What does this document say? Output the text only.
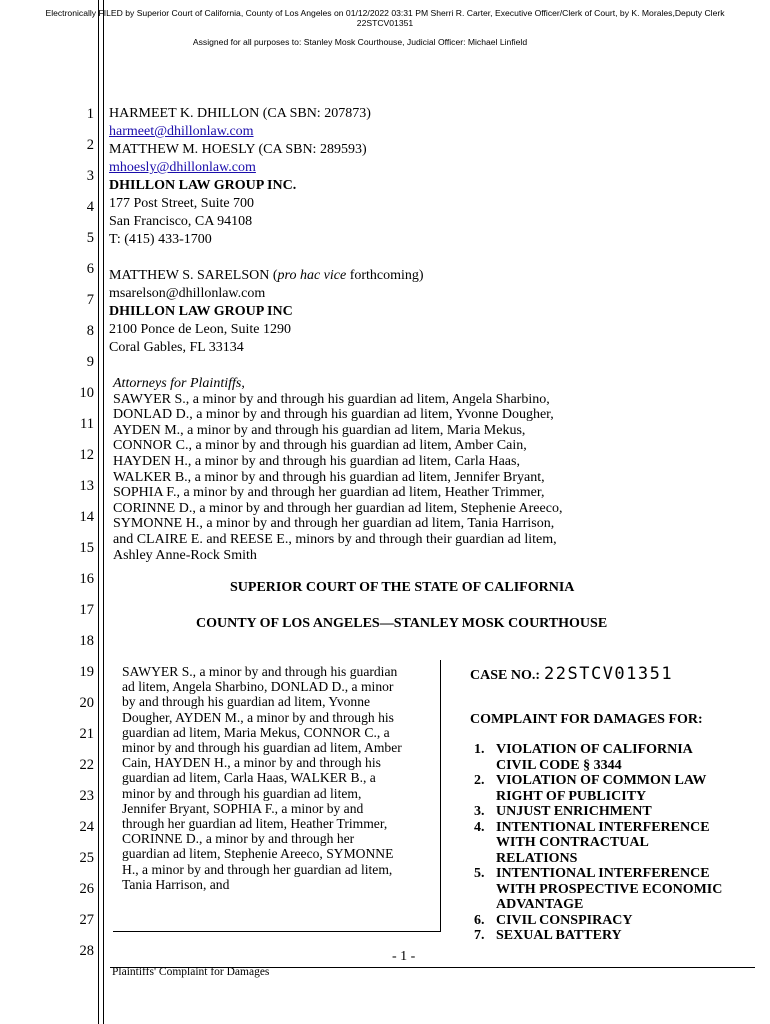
Electronically FILED by Superior Court of California, County of Los Angeles on 01/12/2022 03:31 PM Sherri R. Carter, Executive Officer/Clerk of Court, by K. Morales,Deputy Clerk
22STCV01351
Assigned for all purposes to: Stanley Mosk Courthouse, Judicial Officer: Michael Linfield
1
2
3
4
5
6
7
8
9
10
11
12
13
14
15
16
17
18
19
20
21
22
23
24
25
26
27
28
HARMEET K. DHILLON (CA SBN: 207873)
harmeet@dhillonlaw.com
MATTHEW M. HOESLY (CA SBN: 289593)
mhoesly@dhillonlaw.com
DHILLON LAW GROUP INC.
177 Post Street, Suite 700
San Francisco, CA 94108
T: (415) 433-1700
MATTHEW S. SARELSON (pro hac vice forthcoming)
msarelson@dhillonlaw.com
DHILLON LAW GROUP INC
2100 Ponce de Leon, Suite 1290
Coral Gables, FL 33134
Attorneys for Plaintiffs,
SAWYER S., a minor by and through his guardian ad litem, Angela Sharbino,
DONLAD D., a minor by and through his guardian ad litem, Yvonne Dougher,
AYDEN M., a minor by and through his guardian ad litem, Maria Mekus,
CONNOR C., a minor by and through his guardian ad litem, Amber Cain,
HAYDEN H., a minor by and through his guardian ad litem, Carla Haas,
WALKER B., a minor by and through his guardian ad litem, Jennifer Bryant,
SOPHIA F., a minor by and through her guardian ad litem, Heather Trimmer,
CORINNE D., a minor by and through her guardian ad litem, Stephenie Areeco,
SYMONNE H., a minor by and through her guardian ad litem, Tania Harrison,
and CLAIRE E. and REESE E., minors by and through their guardian ad litem,
Ashley Anne-Rock Smith
SUPERIOR COURT OF THE STATE OF CALIFORNIA
COUNTY OF LOS ANGELES—STANLEY MOSK COURTHOUSE
SAWYER S., a minor by and through his guardian
ad litem, Angela Sharbino, DONLAD D., a minor
by and through his guardian ad litem, Yvonne
Dougher, AYDEN M., a minor by and through his
guardian ad litem, Maria Mekus, CONNOR C., a
minor by and through his guardian ad litem, Amber
Cain, HAYDEN H., a minor by and through his
guardian ad litem, Carla Haas, WALKER B., a
minor by and through his guardian ad litem,
Jennifer Bryant, SOPHIA F., a minor by and
through her guardian ad litem, Heather Trimmer,
CORINNE D., a minor by and through her
guardian ad litem, Stephenie Areeco, SYMONNE
H., a minor by and through her guardian ad litem,
Tania Harrison, and
CASE NO.: 22STCV01351
COMPLAINT FOR DAMAGES FOR:
1. VIOLATION OF CALIFORNIA
CIVIL CODE § 3344
2. VIOLATION OF COMMON LAW
RIGHT OF PUBLICITY
3. UNJUST ENRICHMENT
4. INTENTIONAL INTERFERENCE
WITH CONTRACTUAL
RELATIONS
5. INTENTIONAL INTERFERENCE
WITH PROSPECTIVE ECONOMIC
ADVANTAGE
6. CIVIL CONSPIRACY
7. SEXUAL BATTERY
- 1 -
Plaintiffs' Complaint for Damages
